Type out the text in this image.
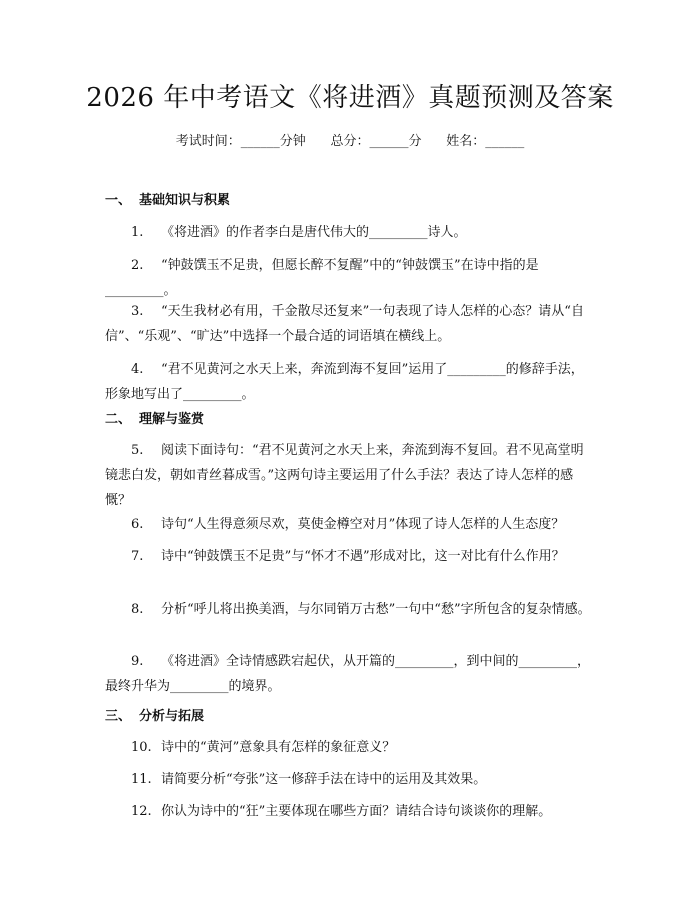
2026 年中考语文《将进酒》真题预测及答案
考试时间：______分钟      总分：______分      姓名：______
一、 基础知识与积累
1. 《将进酒》的作者李白是唐代伟大的_________诗人。
2. “钟鼓馔玉不足贵，但愿长醉不复醒”中的“钟鼓馔玉”在诗中指的是_________。
3. “天生我材必有用，千金散尽还复来”一句表现了诗人怎样的心态？请从“自信”、“乐观”、“旷达”中选择一个最合适的词语填在横线上。
4. “君不见黄河之水天上来，奔流到海不复回”运用了_________的修辞手法，形象地写出了_________。
二、 理解与鉴赏
5. 阅读下面诗句：“君不见黄河之水天上来，奔流到海不复回。君不见高堂明镜悲白发，朝如青丝暮成雪。”这两句诗主要运用了什么手法？表达了诗人怎样的感慨？
6. 诗句“人生得意须尽欢，莫使金樽空对月”体现了诗人怎样的人生态度？
7. 诗中“钟鼓馔玉不足贵”与“怀才不遇”形成对比，这一对比有什么作用？
8. 分析“呼儿将出换美酒，与尔同销万古愁”一句中“愁”字所包含的复杂情感。
9. 《将进酒》全诗情感跌宕起伏，从开篇的_________，到中间的_________，最终升华为_________的境界。
三、 分析与拓展
10. 诗中的“黄河”意象具有怎样的象征意义？
11. 请简要分析“夸张”这一修辞手法在诗中的运用及其效果。
12. 你认为诗中的“狂”主要体现在哪些方面？请结合诗句谈谈你的理解。
